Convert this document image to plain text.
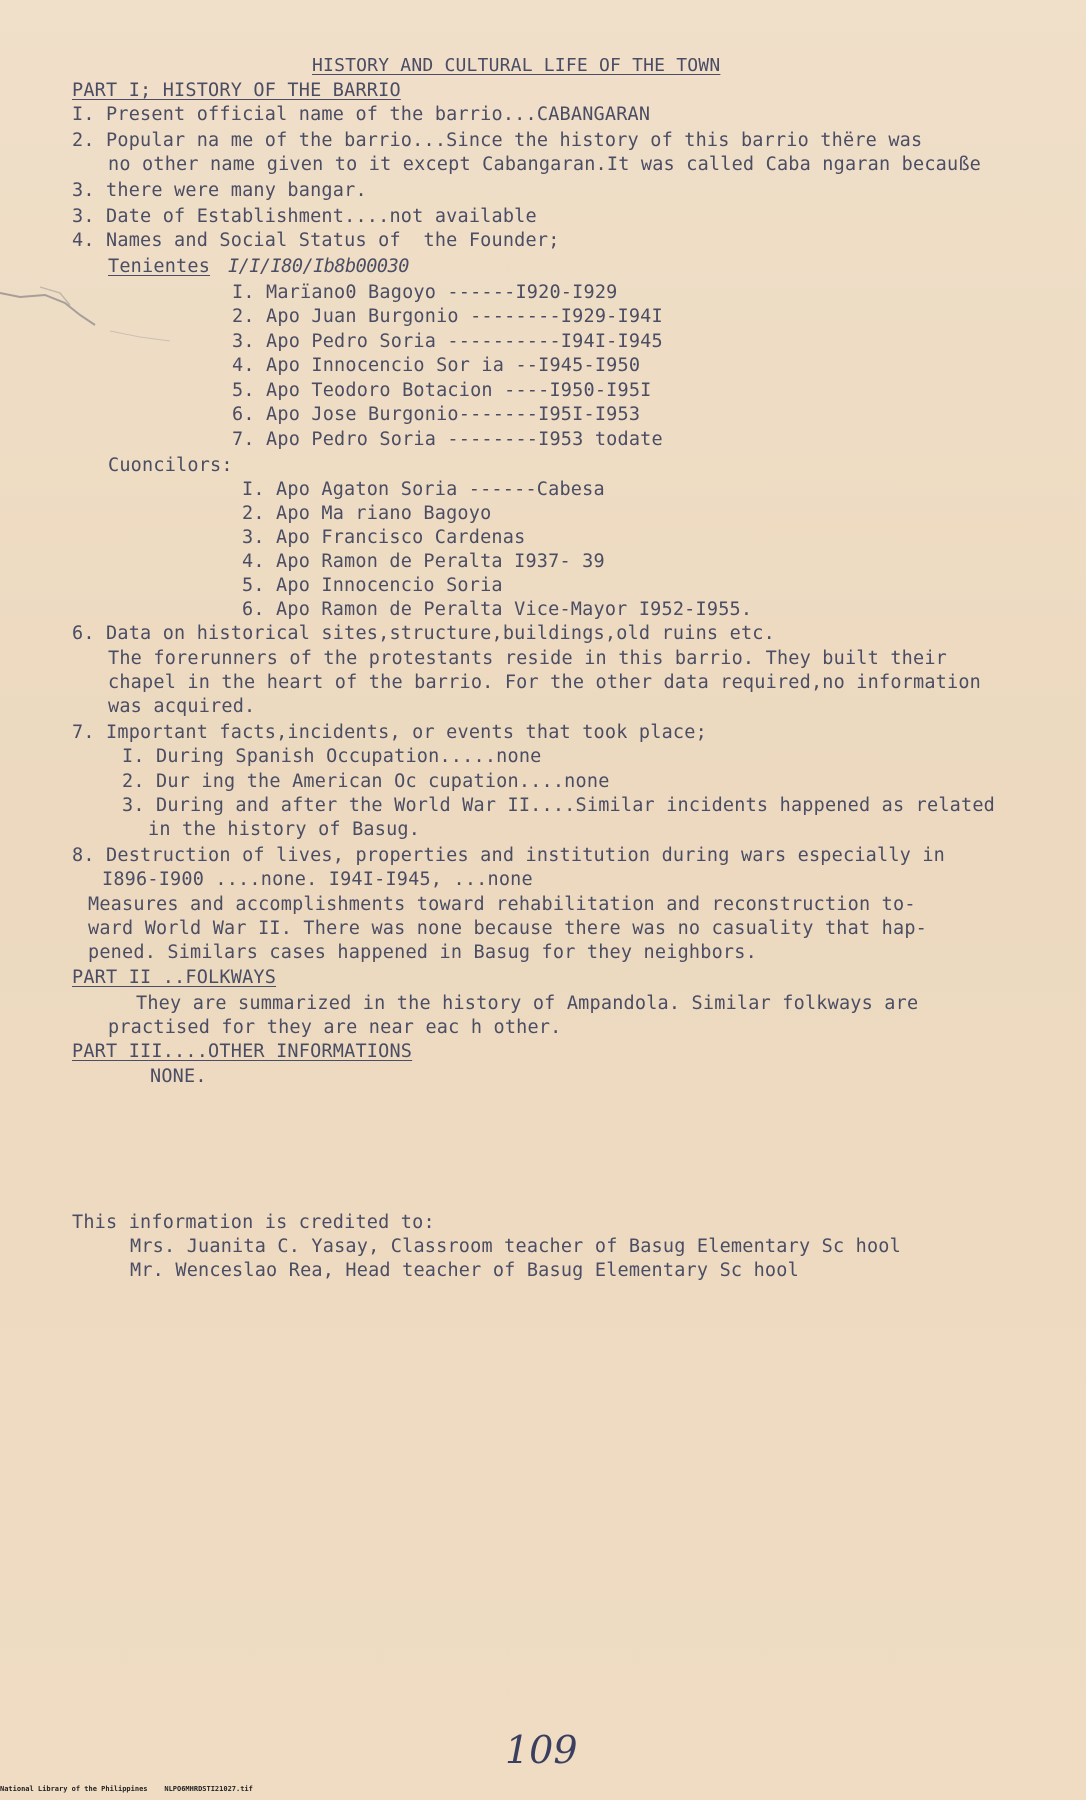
HISTORY AND CULTURAL LIFE OF THE TOWN
PART I; HISTORY OF THE BARRIO
I. Present official name of the barrio...CABANGARAN
2. Popular na me of the barrio...Since the history of this barrio thëre was
no other name given to it except Cabangaran.It was called Caba ngaran becauße
3. there were many bangar.
3. Date of Establishment....not available
4. Names and Social Status of  the Founder;
Tenientes I/I/I80/Ib8b00030
I. Marïano0 Bagoyo ------I920-I929
2. Apo Juan Burgonio --------I929-I94I
3. Apo Pedro Soria ----------I94I-I945
4. Apo Innocencio Sor ia --I945-I950
5. Apo Teodoro Botacion ----I950-I95I
6. Apo Jose Burgonio-------I95I-I953
7. Apo Pedro Soria --------I953 todate
Cuoncilors:
I. Apo Agaton Soria ------Cabesa
2. Apo Ma riano Bagoyo
3. Apo Francisco Cardenas
4. Apo Ramon de Peralta I937- 39
5. Apo Innocencio Soria
6. Apo Ramon de Peralta Vice-Mayor I952-I955.
6. Data on historical sites,structure,buildings,old ruins etc.
The forerunners of the protestants reside in this barrio. They built their
chapel in the heart of the barrio. For the other data required,no information
was acquired.
7. Important facts,incidents, or events that took place;
I. During Spanish Occupation.....none
2. Dur ing the American Oc cupation....none
3. During and after the World War II....Similar incidents happened as related
in the history of Basug.
8. Destruction of lives, properties and institution during wars especially in
I896-I900 ....none. I94I-I945, ...none
Measures and accomplishments toward rehabilitation and reconstruction to-
ward World War II. There was none because there was no casuality that hap-
pened. Similars cases happened in Basug for they neighbors.
PART II ..FOLKWAYS
They are summarized in the history of Ampandola. Similar folkways are
practised for they are near eac h other.
PART III....OTHER INFORMATIONS
NONE.
This information is credited to:
Mrs. Juanita C. Yasay, Classroom teacher of Basug Elementary Sc hool
Mr. Wenceslao Rea, Head teacher of Basug Elementary Sc hool
109
National Library of the Philippines    NLPO6MHRDSTI21027.tif
